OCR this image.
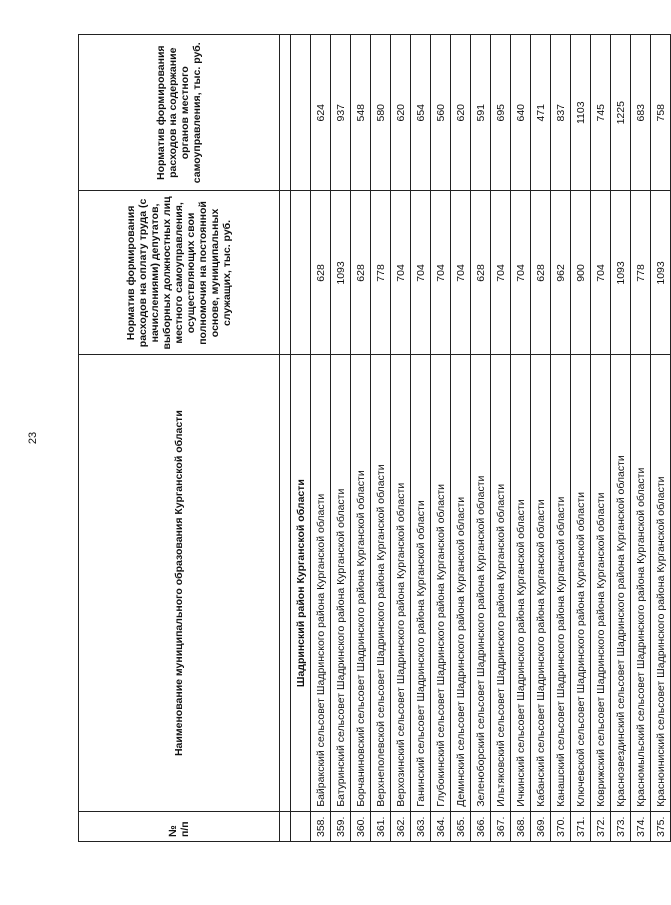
23
№ п/п	Наименование муниципального образования Курганской области	Норматив формирования расходов на оплату труда (с начислениями) депутатов, выборных должностных лиц местного самоуправления, осуществляющих свои полномочия на постоянной основе, муниципальных служащих, тыс. руб.	Норматив формирования расходов на содержание органов местного самоуправления, тыс. руб.

	Шадринский район Курганской области		
358.	Байракский сельсовет Шадринского района Курганской области	628	624
359.	Батуринский сельсовет Шадринского района Курганской области	1093	937
360.	Борчаниновский сельсовет Шадринского района Курганской области	628	548
361.	Верхнеполевской сельсовет Шадринского района Курганской области	778	580
362.	Верхозинский сельсовет Шадринского района Курганской области	704	620
363.	Ганинский сельсовет Шадринского района Курганской области	704	654
364.	Глубокинский сельсовет Шадринского района Курганской области	704	560
365.	Деминский сельсовет Шадринского района Курганской области	704	620
366.	Зеленоборский сельсовет Шадринского района Курганской области	628	591
367.	Ильтяковский сельсовет Шадринского района Курганской области	704	695
368.	Ичкинский сельсовет Шадринского района Курганской области	704	640
369.	Кабанский сельсовет Шадринского района Курганской области	628	471
370.	Канашский сельсовет Шадринского района Курганской области	962	837
371.	Ключевской сельсовет Шадринского района Курганской области	900	1103
372.	Коврижский сельсовет Шадринского района Курганской области	704	745
373.	Красноэвездинский сельсовет Шадринского района Курганской области	1093	1225
374.	Красномыльский сельсовет Шадринского района Курганской области	778	683
375.	Красноиниский сельсовет Шадринского района Курганской области	1093	758
